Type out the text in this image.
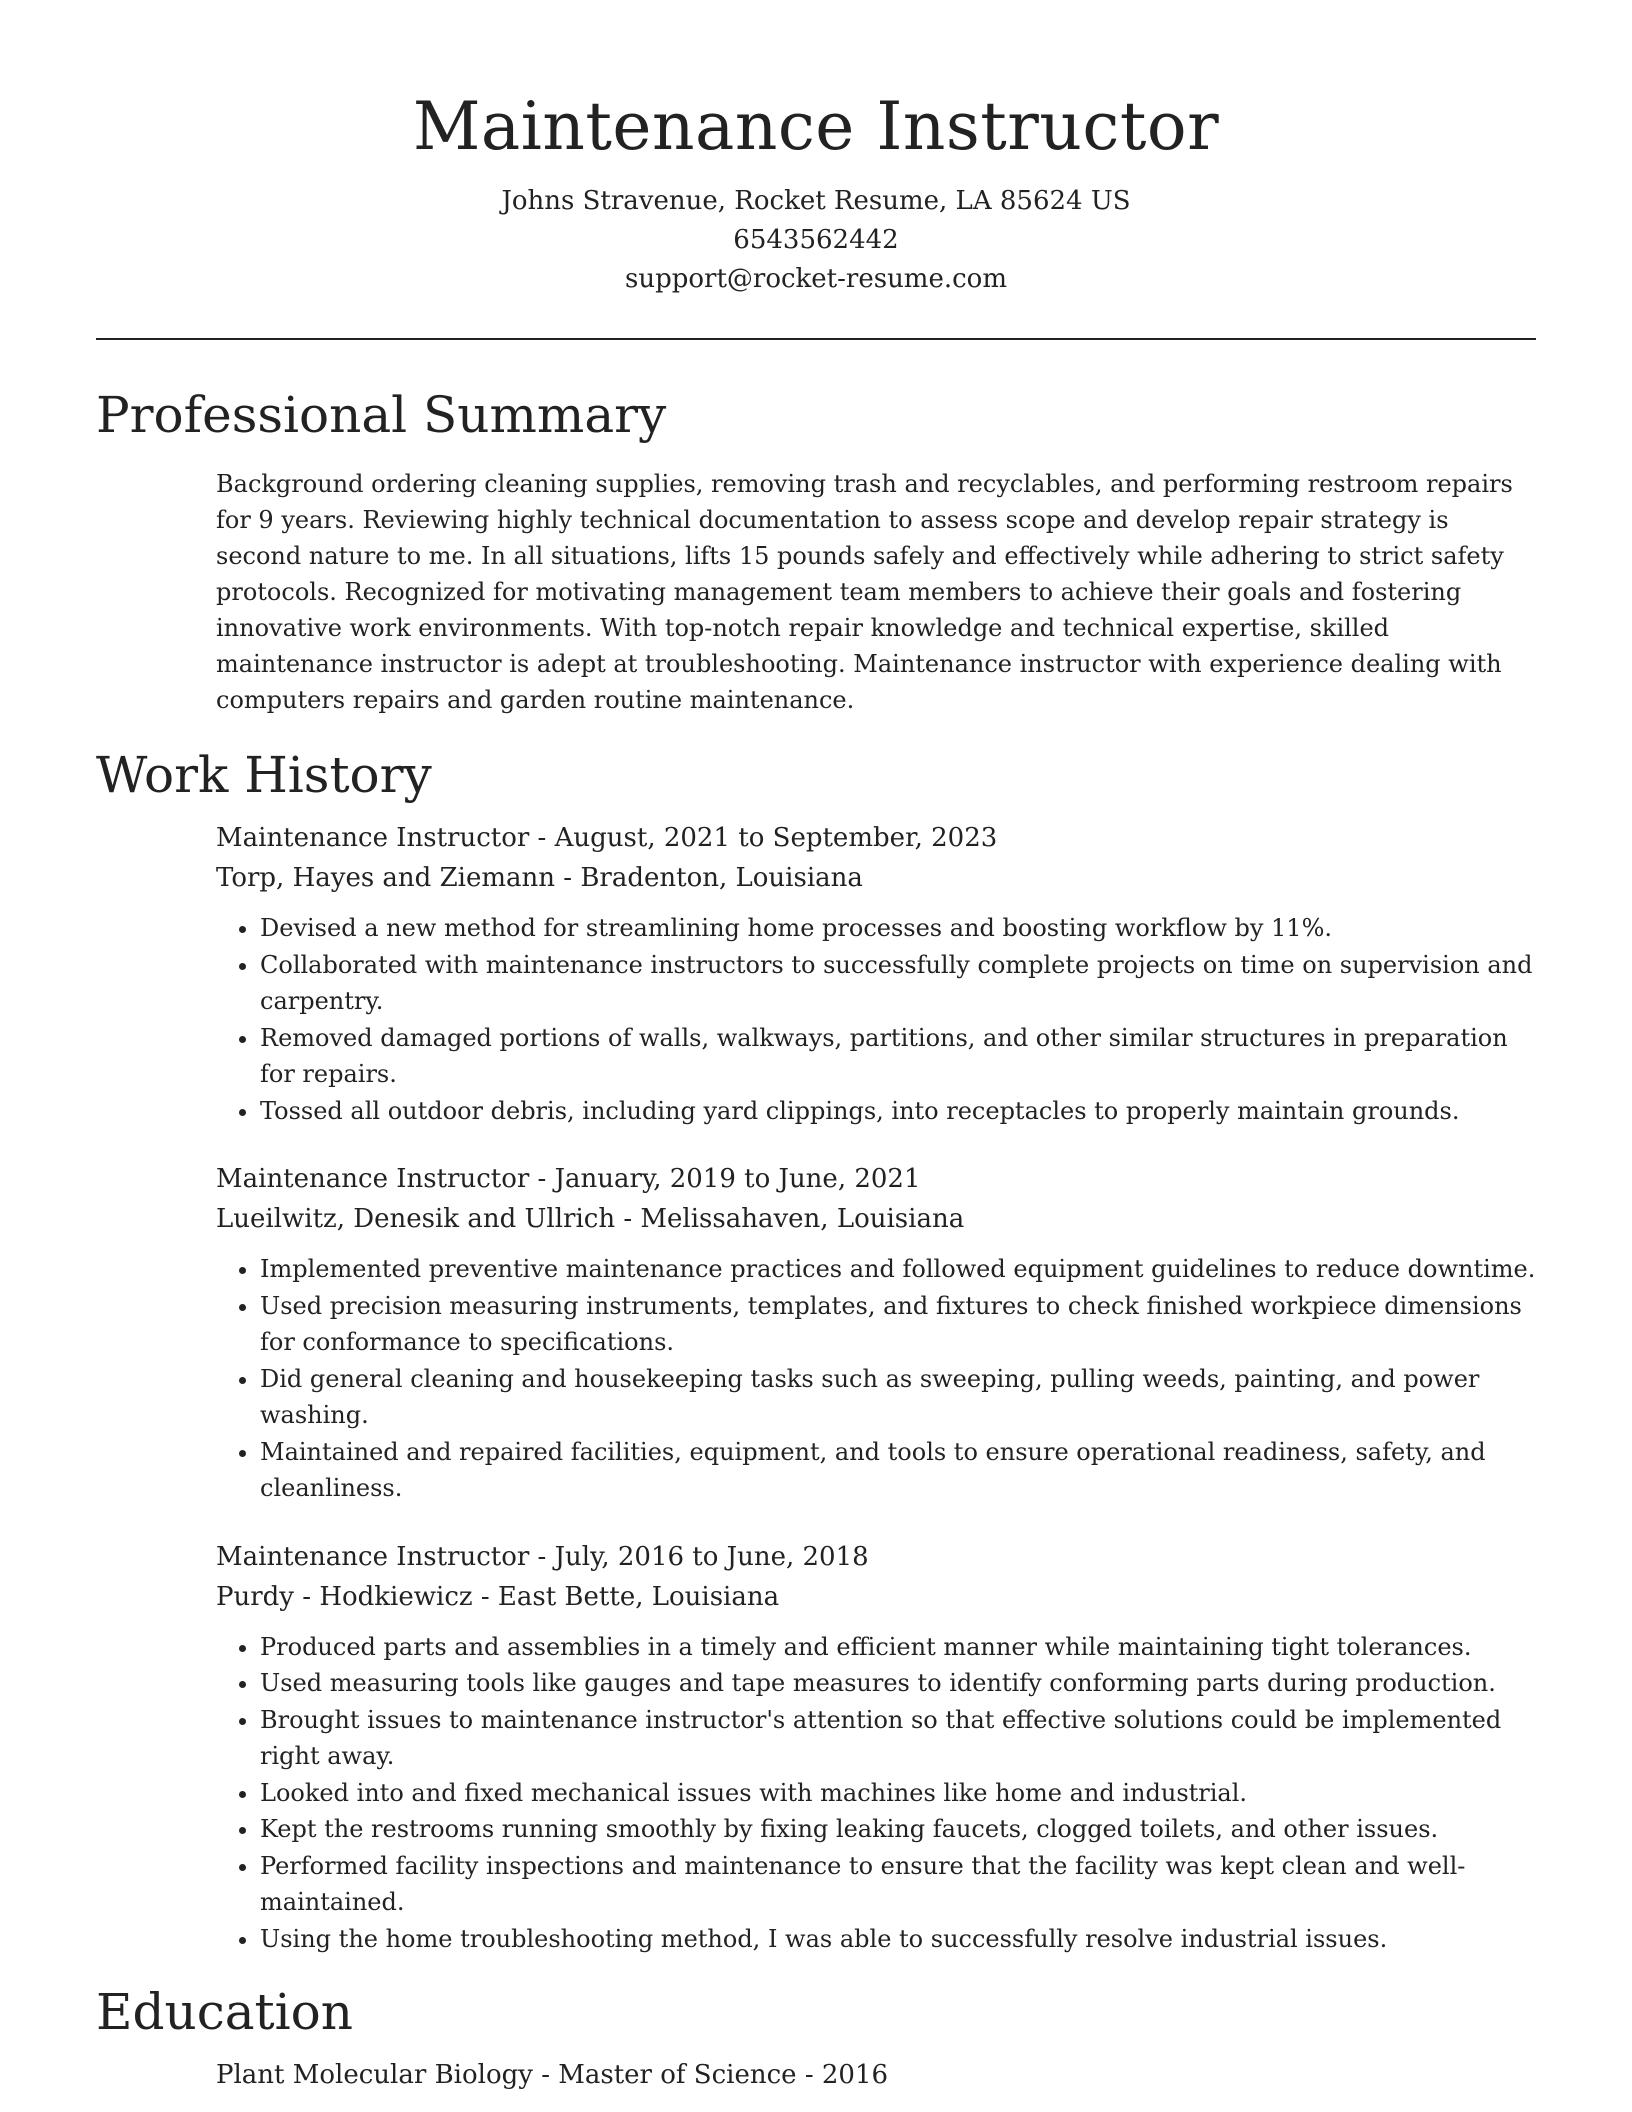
Maintenance Instructor

Johns Stravenue, Rocket Resume, LA 85624 US

6543562442

support@rocket-resume.com

Professional Summary

Background ordering cleaning supplies, removing trash and recyclables, and performing restroom repairs for 9 years. Reviewing highly technical documentation to assess scope and develop repair strategy is second nature to me. In all situations, lifts 15 pounds safely and effectively while adhering to strict safety protocols. Recognized for motivating management team members to achieve their goals and fostering innovative work environments. With top-notch repair knowledge and technical expertise, skilled maintenance instructor is adept at troubleshooting. Maintenance instructor with experience dealing with computers repairs and garden routine maintenance.

Work History

Maintenance Instructor - August, 2021 to September, 2023

Torp, Hayes and Ziemann - Bradenton, Louisiana

• Devised a new method for streamlining home processes and boosting workflow by 11%.
• Collaborated with maintenance instructors to successfully complete projects on time on supervision and carpentry.
• Removed damaged portions of walls, walkways, partitions, and other similar structures in preparation for repairs.
• Tossed all outdoor debris, including yard clippings, into receptacles to properly maintain grounds.

Maintenance Instructor - January, 2019 to June, 2021

Lueilwitz, Denesik and Ullrich - Melissahaven, Louisiana

• Implemented preventive maintenance practices and followed equipment guidelines to reduce downtime.
• Used precision measuring instruments, templates, and fixtures to check finished workpiece dimensions for conformance to specifications.
• Did general cleaning and housekeeping tasks such as sweeping, pulling weeds, painting, and power washing.
• Maintained and repaired facilities, equipment, and tools to ensure operational readiness, safety, and cleanliness.

Maintenance Instructor - July, 2016 to June, 2018

Purdy - Hodkiewicz - East Bette, Louisiana

• Produced parts and assemblies in a timely and efficient manner while maintaining tight tolerances.
• Used measuring tools like gauges and tape measures to identify conforming parts during production.
• Brought issues to maintenance instructor's attention so that effective solutions could be implemented right away.
• Looked into and fixed mechanical issues with machines like home and industrial.
• Kept the restrooms running smoothly by fixing leaking faucets, clogged toilets, and other issues.
• Performed facility inspections and maintenance to ensure that the facility was kept clean and well-maintained.
• Using the home troubleshooting method, I was able to successfully resolve industrial issues.
Education

Plant Molecular Biology - Master of Science - 2016
